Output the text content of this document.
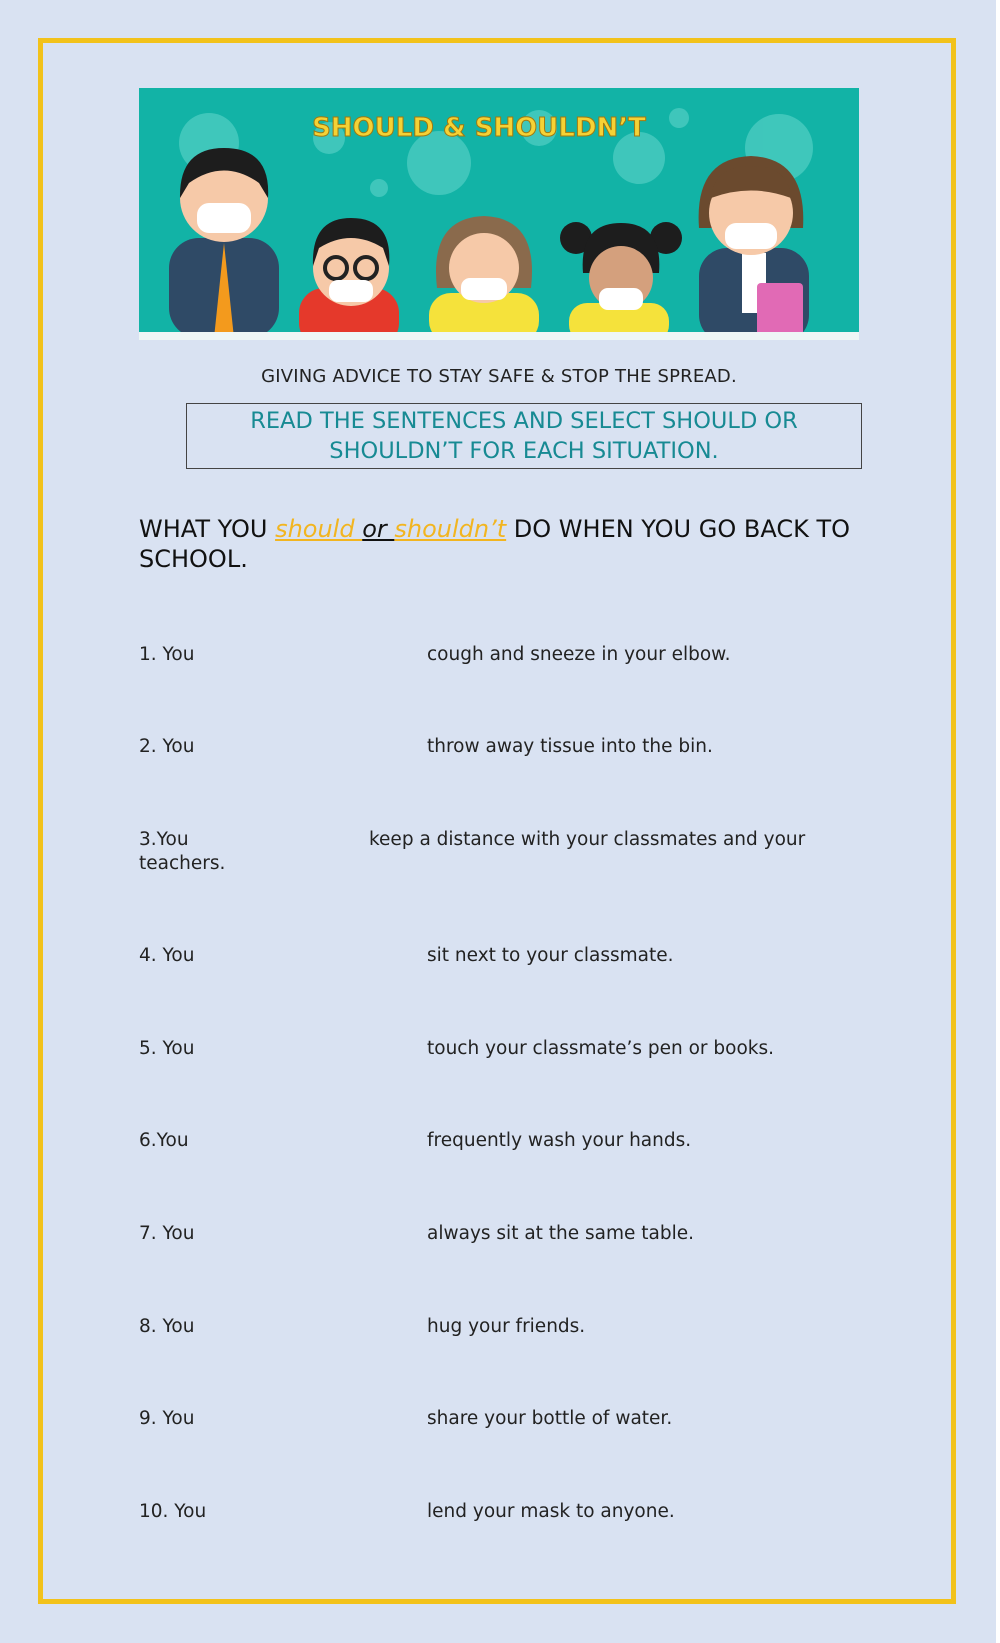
SHOULD & SHOULDN’T
GIVING ADVICE TO STAY SAFE & STOP THE SPREAD.
READ THE SENTENCES AND SELECT SHOULD OR
SHOULDN’T FOR EACH SITUATION.
WHAT YOU should or shouldn’t DO WHEN YOU GO BACK TO
SCHOOL.
1. You	cough and sneeze in your elbow.
2. You	throw away tissue into the bin.
3.You	keep a distance with your classmates and your
teachers.
4. You	sit next to your classmate.
5. You	touch your classmate’s pen or books.
6.You	frequently wash your hands.
7. You	always sit at the same table.
8. You	hug your friends.
9. You	share your bottle of water.
10. You	lend your mask to anyone.
